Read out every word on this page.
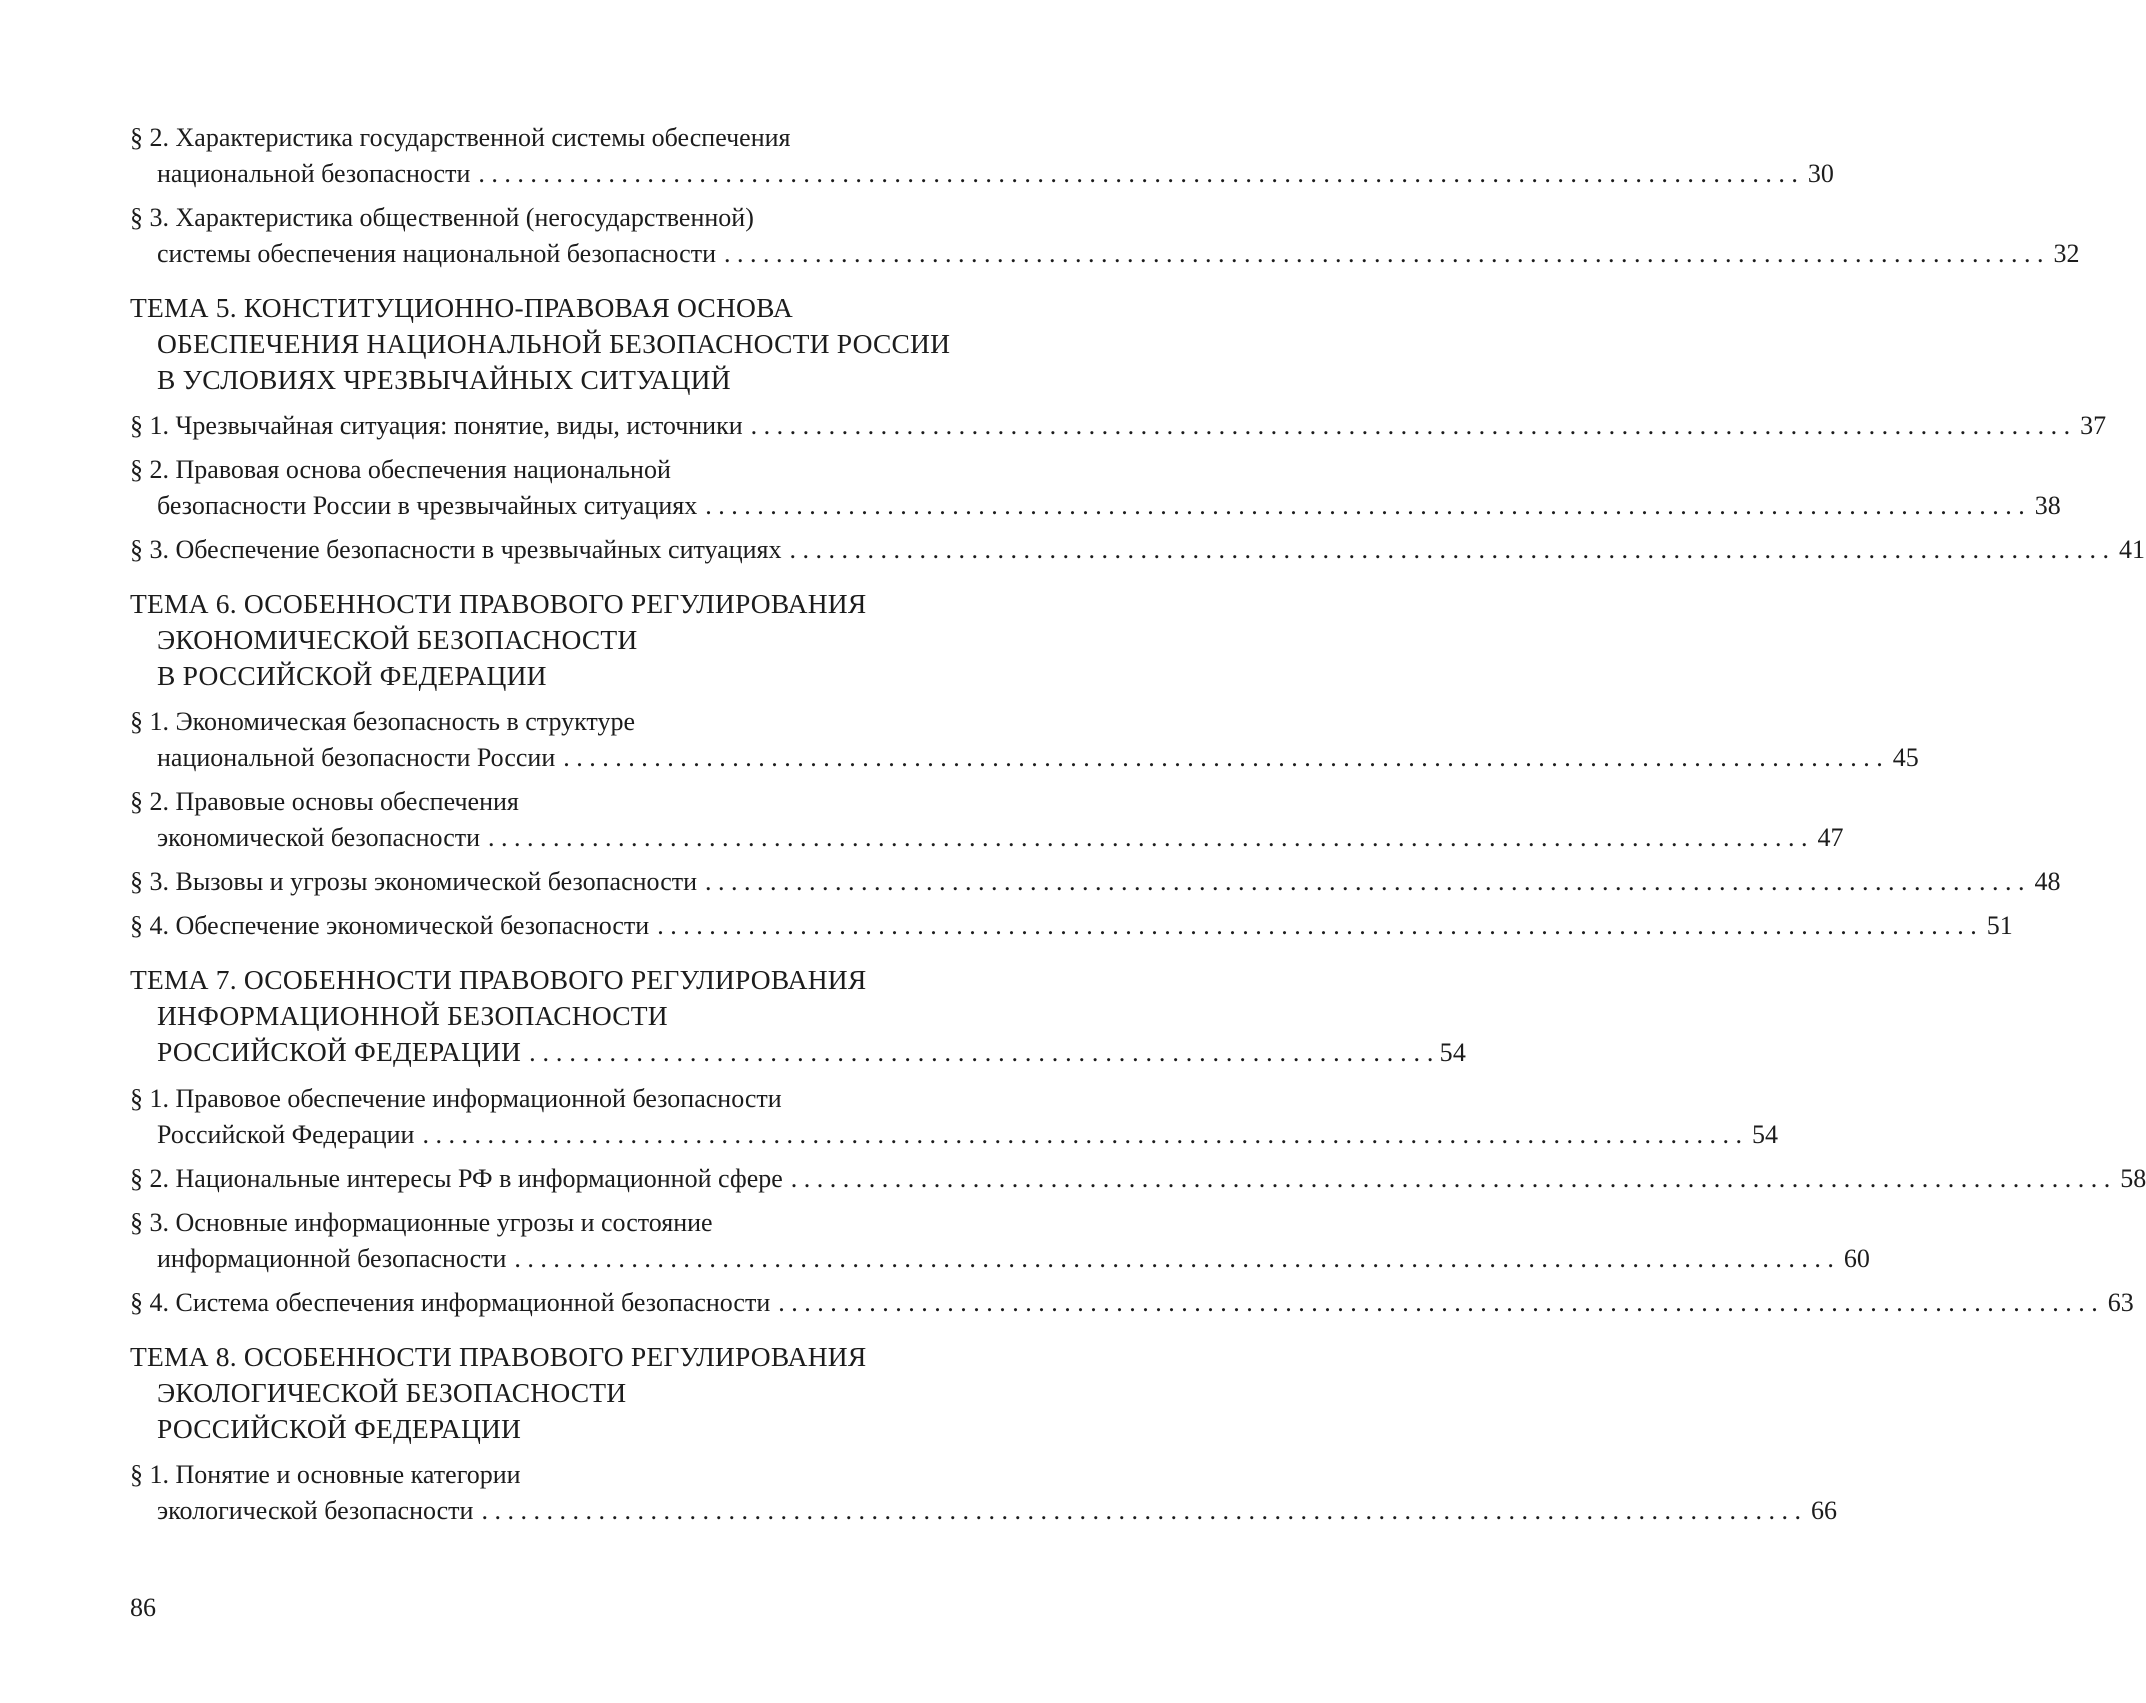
§ 2. Характеристика государственной системы обеспечения
национальной безопасности . . .	30
§ 3. Характеристика общественной (негосударственной)
системы обеспечения национальной безопасности . . .	32
ТЕМА 5. КОНСТИТУЦИОННО-ПРАВОВАЯ ОСНОВА
ОБЕСПЕЧЕНИЯ НАЦИОНАЛЬНОЙ БЕЗОПАСНОСТИ РОССИИ
В УСЛОВИЯХ ЧРЕЗВЫЧАЙНЫХ СИТУАЦИЙ
§ 1. Чрезвычайная ситуация: понятие, виды, источники . . .	37
§ 2. Правовая основа обеспечения национальной
безопасности России в чрезвычайных ситуациях . . .	38
§ 3. Обеспечение безопасности в чрезвычайных ситуациях . . .	41
ТЕМА 6. ОСОБЕННОСТИ ПРАВОВОГО РЕГУЛИРОВАНИЯ
ЭКОНОМИЧЕСКОЙ БЕЗОПАСНОСТИ
В РОССИЙСКОЙ ФЕДЕРАЦИИ
§ 1. Экономическая безопасность в структуре
национальной безопасности России . . .	45
§ 2. Правовые основы обеспечения
экономической безопасности . . .	47
§ 3. Вызовы и угрозы экономической безопасности . . .	48
§ 4. Обеспечение экономической безопасности . . .	51
ТЕМА 7. ОСОБЕННОСТИ ПРАВОВОГО РЕГУЛИРОВАНИЯ
ИНФОРМАЦИОННОЙ БЕЗОПАСНОСТИ
РОССИЙСКОЙ ФЕДЕРАЦИИ . . .	54
§ 1. Правовое обеспечение информационной безопасности
Российской Федерации . . .	54
§ 2. Национальные интересы РФ в информационной сфере . . .	58
§ 3. Основные информационные угрозы и состояние
информационной безопасности . . .	60
§ 4. Система обеспечения информационной безопасности . . .	63
ТЕМА 8. ОСОБЕННОСТИ ПРАВОВОГО РЕГУЛИРОВАНИЯ
ЭКОЛОГИЧЕСКОЙ БЕЗОПАСНОСТИ
РОССИЙСКОЙ ФЕДЕРАЦИИ
§ 1. Понятие и основные категории
экологической безопасности . . .	66
86
